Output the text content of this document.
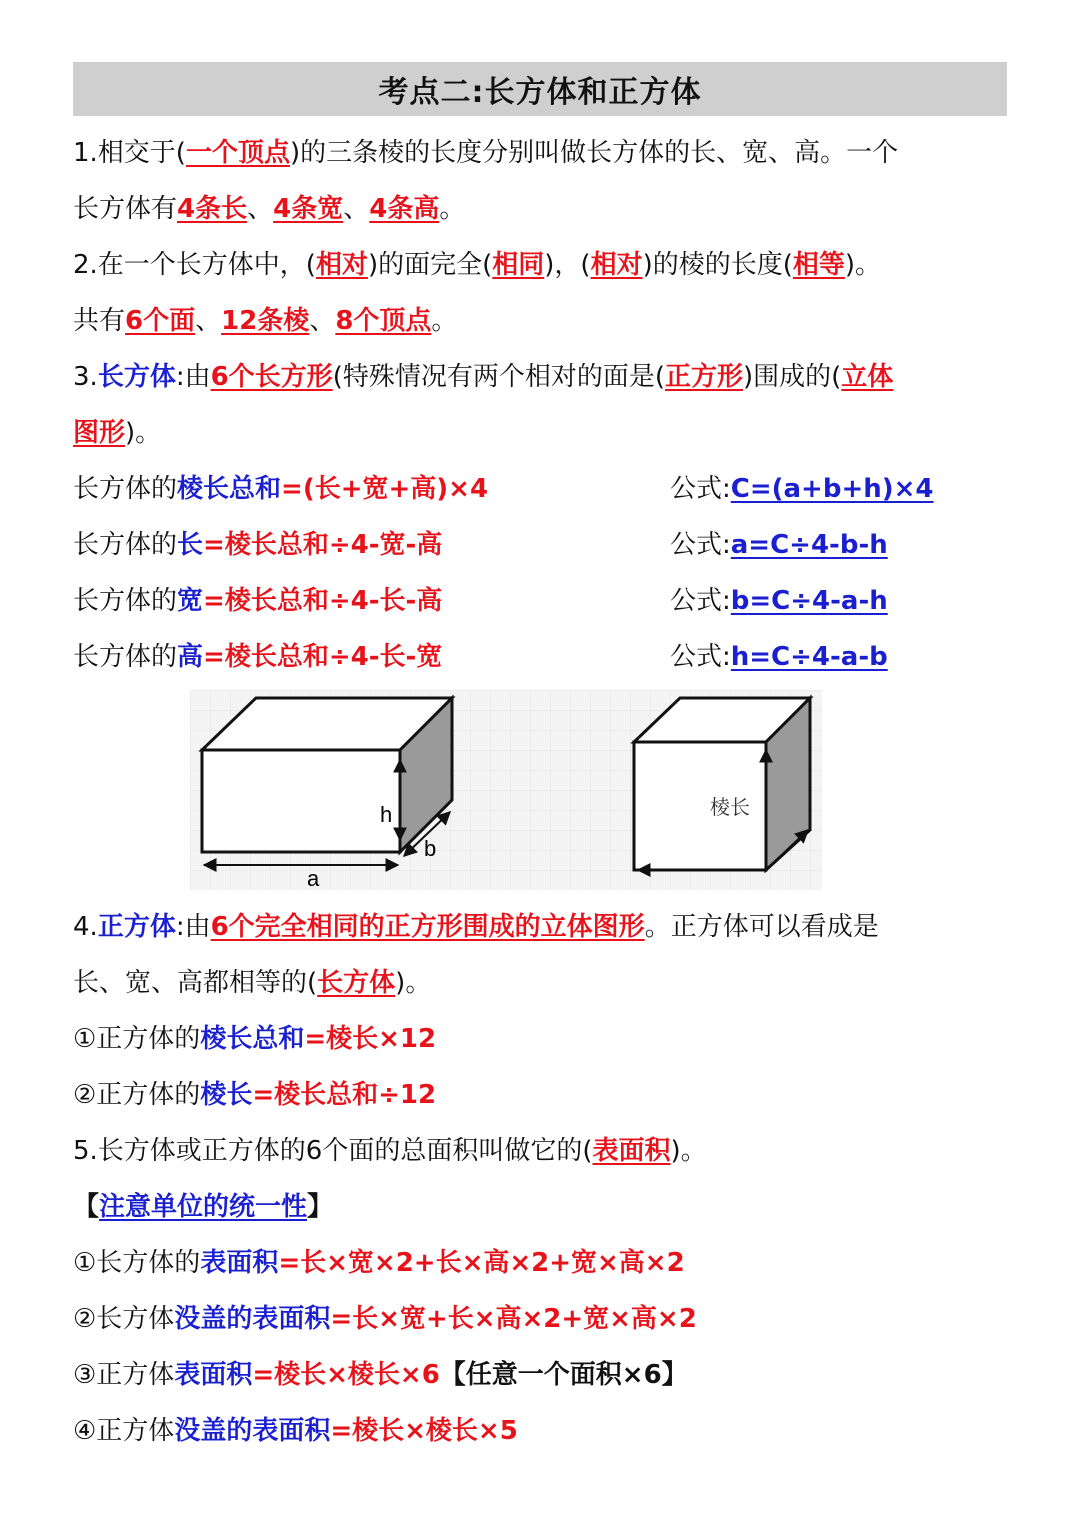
考点二:长方体和正方体
1.相交于(一个顶点)的三条棱的长度分别叫做长方体的长、宽、高。一个
长方体有4条长、4条宽、4条高。
2.在一个长方体中，(相对)的面完全(相同)，(相对)的棱的长度(相等)。
共有6个面、12条棱、8个顶点。
3.长方体:由6个长方形(特殊情况有两个相对的面是(正方形)围成的(立体
图形)。
长方体的棱长总和=(长+宽+高)×4	公式:C=(a+b+h)×4
长方体的长=棱长总和÷4-宽-高	公式:a=C÷4-b-h
长方体的宽=棱长总和÷4-长-高	公式:b=C÷4-a-h
长方体的高=棱长总和÷4-长-宽	公式:h=C÷4-a-b
h
b
a
棱长
4.正方体:由6个完全相同的正方形围成的立体图形。正方体可以看成是
长、宽、高都相等的(长方体)。
①正方体的棱长总和=棱长×12
②正方体的棱长=棱长总和÷12
5.长方体或正方体的6个面的总面积叫做它的(表面积)。
【注意单位的统一性】
①长方体的表面积=长×宽×2+长×高×2+宽×高×2
②长方体没盖的表面积=长×宽+长×高×2+宽×高×2
③正方体表面积=棱长×棱长×6【任意一个面积×6】
④正方体没盖的表面积=棱长×棱长×5
